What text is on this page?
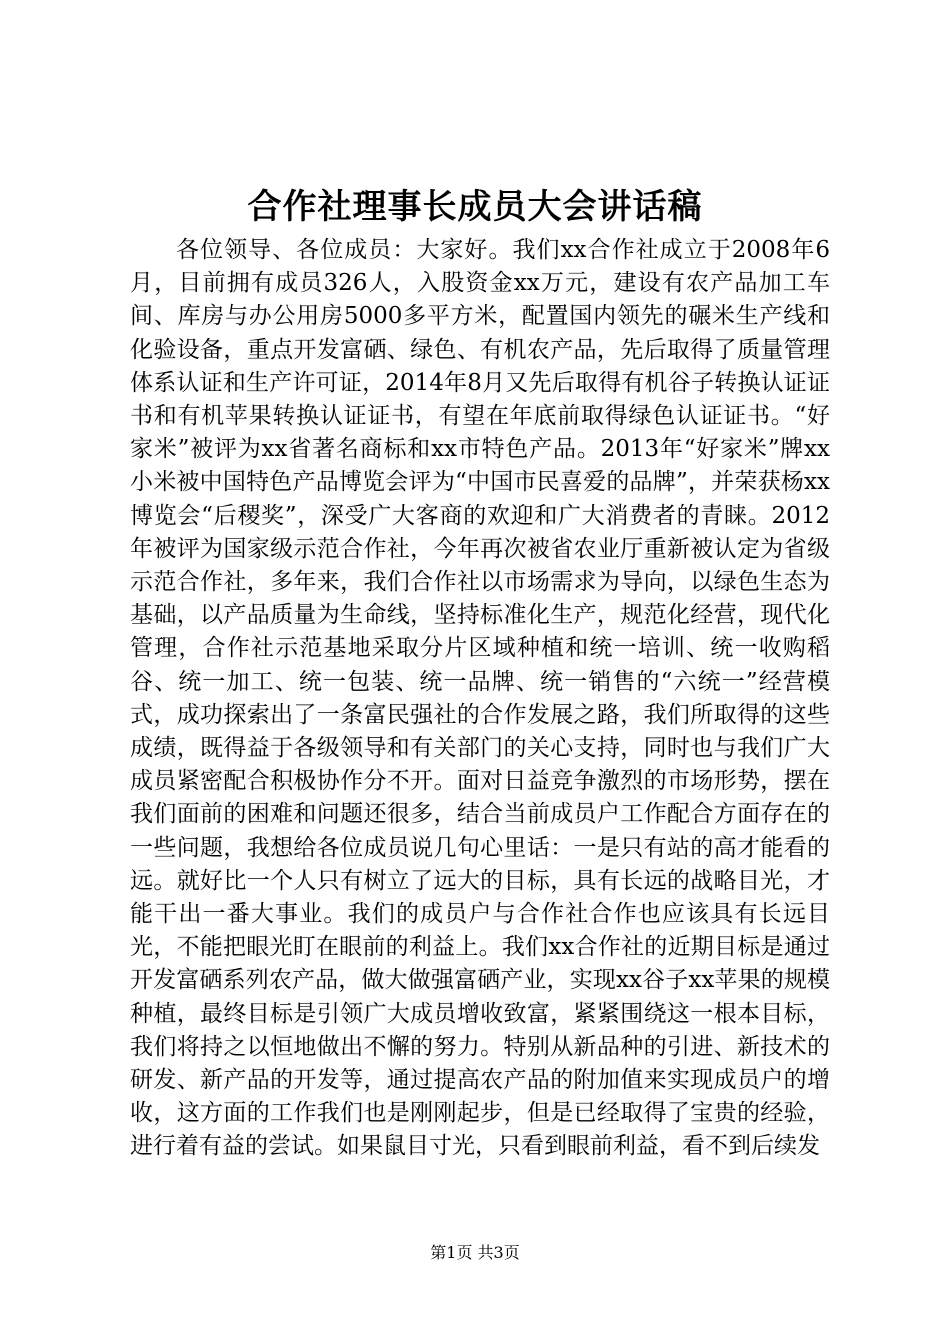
合作社理事长成员大会讲话稿

各位领导、各位成员：大家好。我们xx合作社成立于2008年6月，目前拥有成员326人，入股资金xx万元，建设有农产品加工车间、库房与办公用房5000多平方米，配置国内领先的碾米生产线和化验设备，重点开发富硒、绿色、有机农产品，先后取得了质量管理体系认证和生产许可证，2014年8月又先后取得有机谷子转换认证证书和有机苹果转换认证证书，有望在年底前取得绿色认证证书。“好家米”被评为xx省著名商标和xx市特色产品。2013年“好家米”牌xx小米被中国特色产品博览会评为“中国市民喜爱的品牌”，并荣获杨xx博览会“后稷奖”，深受广大客商的欢迎和广大消费者的青睐。2012年被评为国家级示范合作社，今年再次被省农业厅重新被认定为省级示范合作社，多年来，我们合作社以市场需求为导向，以绿色生态为基础，以产品质量为生命线，坚持标准化生产，规范化经营，现代化管理，合作社示范基地采取分片区域种植和统一培训、统一收购稻谷、统一加工、统一包装、统一品牌、统一销售的“六统一”经营模式，成功探索出了一条富民强社的合作发展之路，我们所取得的这些成绩，既得益于各级领导和有关部门的关心支持，同时也与我们广大成员紧密配合积极协作分不开。面对日益竞争激烈的市场形势，摆在我们面前的困难和问题还很多，结合当前成员户工作配合方面存在的一些问题，我想给各位成员说几句心里话：一是只有站的高才能看的远。就好比一个人只有树立了远大的目标，具有长远的战略目光，才能干出一番大事业。我们的成员户与合作社合作也应该具有长远目光，不能把眼光盯在眼前的利益上。我们xx合作社的近期目标是通过开发富硒系列农产品，做大做强富硒产业，实现xx谷子xx苹果的规模种植，最终目标是引领广大成员增收致富，紧紧围绕这一根本目标，我们将持之以恒地做出不懈的努力。特别从新品种的引进、新技术的研发、新产品的开发等，通过提高农产品的附加值来实现成员户的增收，这方面的工作我们也是刚刚起步，但是已经取得了宝贵的经验，进行着有益的尝试。如果鼠目寸光，只看到眼前利益，看不到后续发

第1页 共3页
